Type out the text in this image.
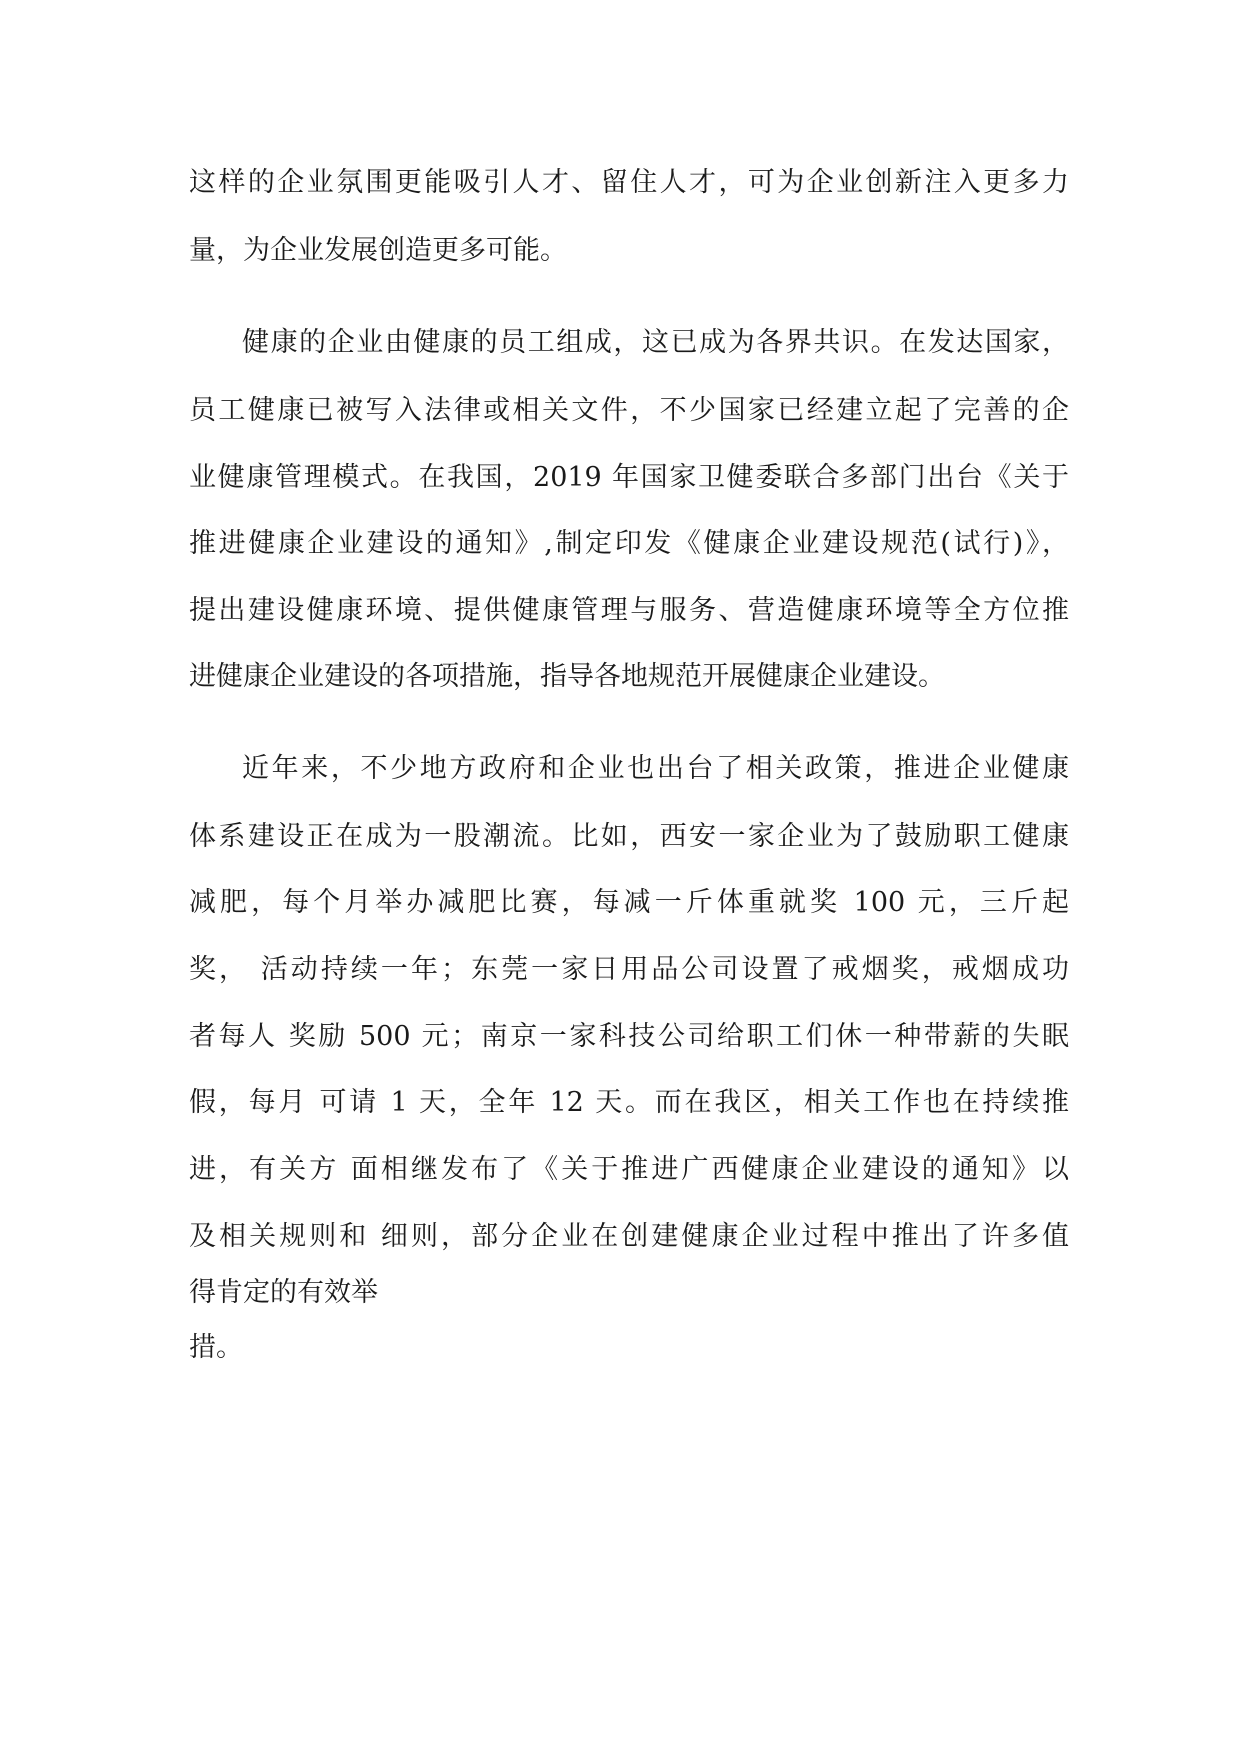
这样的企业氛围更能吸引人才、留住人才，可为企业创新注入更多力

量，为企业发展创造更多可能。

健康的企业由健康的员工组成，这已成为各界共识。在发达国家，

员工健康已被写入法律或相关文件，不少国家已经建立起了完善的企

业健康管理模式。在我国，2019 年国家卫健委联合多部门出台《关于

推进健康企业建设的通知》,制定印发《健康企业建设规范(试行)》，

提出建设健康环境、提供健康管理与服务、营造健康环境等全方位推

进健康企业建设的各项措施，指导各地规范开展健康企业建设。

近年来，不少地方政府和企业也出台了相关政策，推进企业健康

体系建设正在成为一股潮流。比如，西安一家企业为了鼓励职工健康

减肥，每个月举办减肥比赛，每减一斤体重就奖 100 元，三斤起

奖， 活动持续一年；东莞一家日用品公司设置了戒烟奖，戒烟成功

者每人 奖励 500 元；南京一家科技公司给职工们休一种带薪的失眠

假，每月 可请 1 天，全年 12 天。而在我区，相关工作也在持续推

进，有关方 面相继发布了《关于推进广西健康企业建设的通知》以

及相关规则和 细则，部分企业在创建健康企业过程中推出了许多值

得肯定的有效举

措。
